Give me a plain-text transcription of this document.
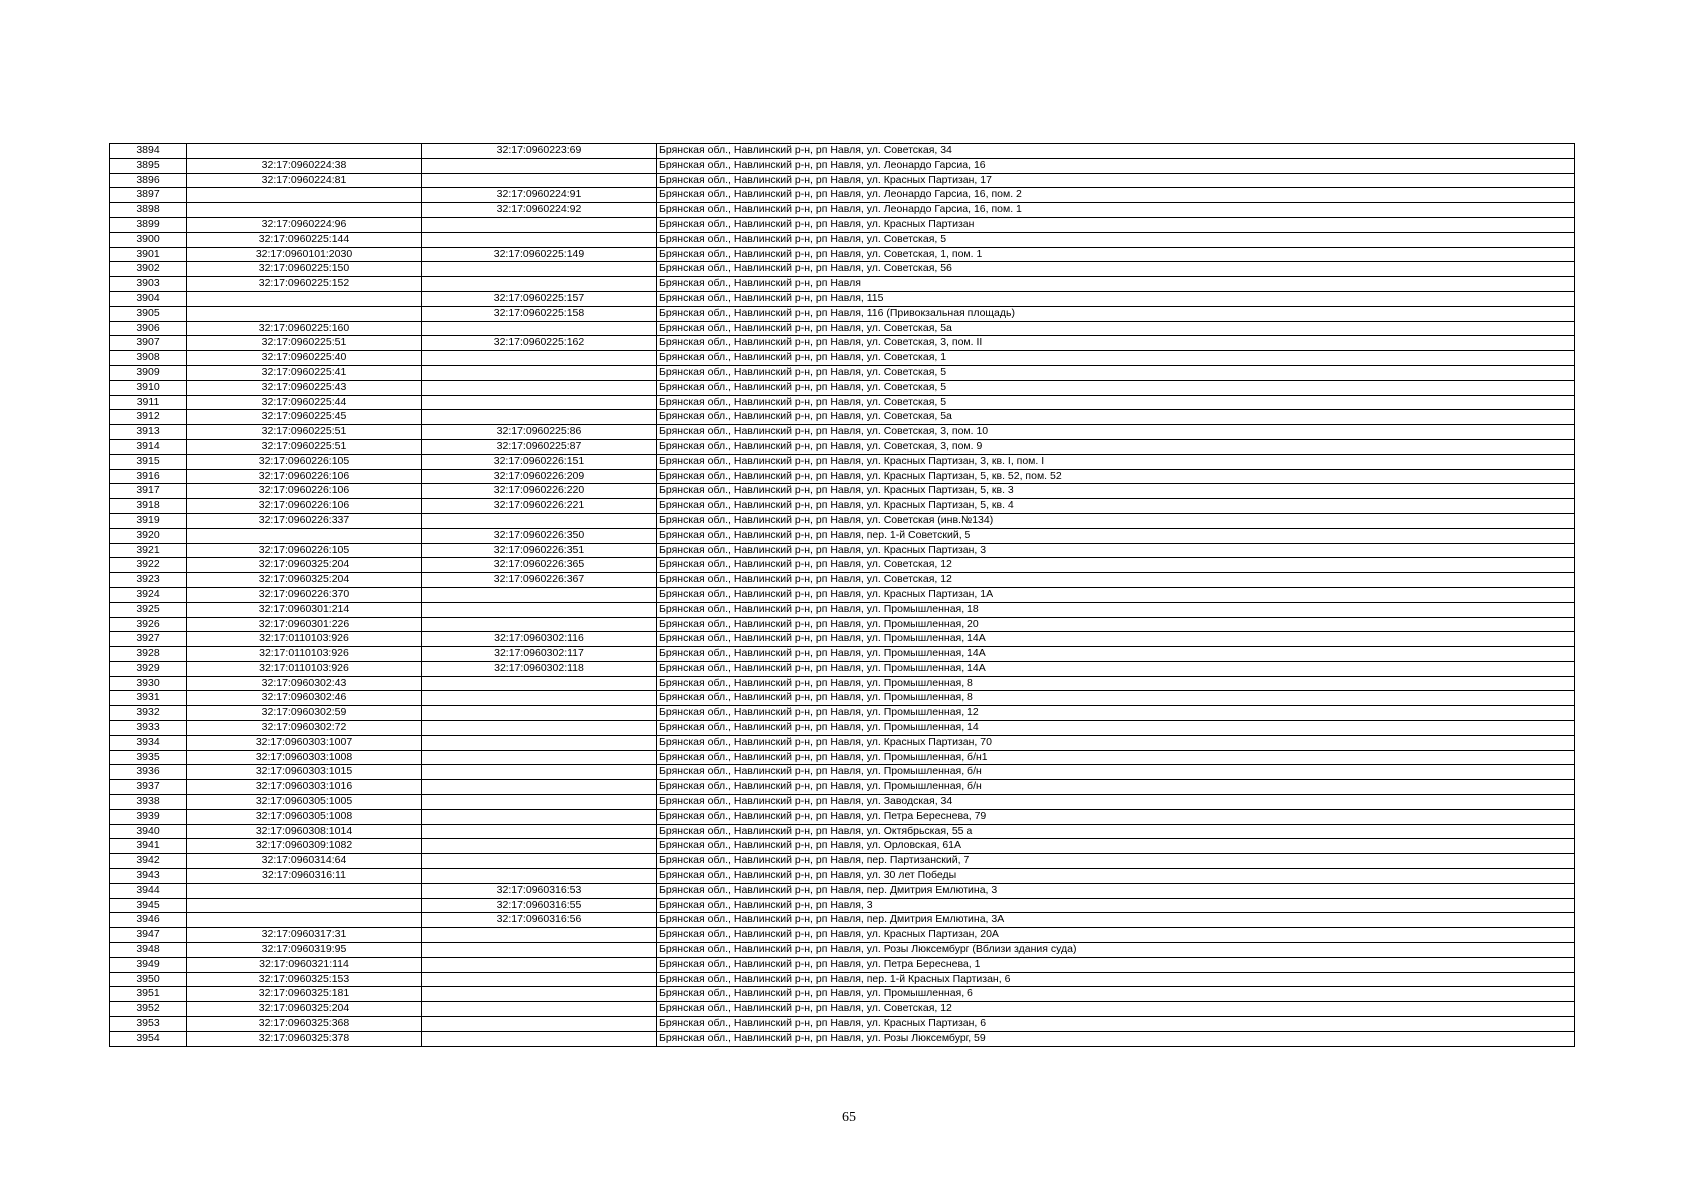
3894		32:17:0960223:69	Брянская обл., Навлинский р-н, рп Навля, ул. Советская, 34
3895	32:17:0960224:38		Брянская обл., Навлинский р-н, рп Навля, ул. Леонардо Гарсиа, 16
3896	32:17:0960224:81		Брянская обл., Навлинский р-н, рп Навля, ул. Красных Партизан, 17
3897		32:17:0960224:91	Брянская обл., Навлинский р-н, рп Навля, ул. Леонардо Гарсиа, 16, пом. 2
3898		32:17:0960224:92	Брянская обл., Навлинский р-н, рп Навля, ул. Леонардо Гарсиа, 16, пом. 1
3899	32:17:0960224:96		Брянская обл., Навлинский р-н, рп Навля, ул. Красных Партизан
3900	32:17:0960225:144		Брянская обл., Навлинский р-н, рп Навля, ул. Советская, 5
3901	32:17:0960101:2030	32:17:0960225:149	Брянская обл., Навлинский р-н, рп Навля, ул. Советская, 1, пом. 1
3902	32:17:0960225:150		Брянская обл., Навлинский р-н, рп Навля, ул. Советская, 56
3903	32:17:0960225:152		Брянская обл., Навлинский р-н, рп Навля
3904		32:17:0960225:157	Брянская обл., Навлинский р-н, рп Навля, 115
3905		32:17:0960225:158	Брянская обл., Навлинский р-н, рп Навля, 116 (Привокзальная площадь)
3906	32:17:0960225:160		Брянская обл., Навлинский р-н, рп Навля, ул. Советская, 5а
3907	32:17:0960225:51	32:17:0960225:162	Брянская обл., Навлинский р-н, рп Навля, ул. Советская, 3, пом. II
3908	32:17:0960225:40		Брянская обл., Навлинский р-н, рп Навля, ул. Советская, 1
3909	32:17:0960225:41		Брянская обл., Навлинский р-н, рп Навля, ул. Советская, 5
3910	32:17:0960225:43		Брянская обл., Навлинский р-н, рп Навля, ул. Советская, 5
3911	32:17:0960225:44		Брянская обл., Навлинский р-н, рп Навля, ул. Советская, 5
3912	32:17:0960225:45		Брянская обл., Навлинский р-н, рп Навля, ул. Советская, 5а
3913	32:17:0960225:51	32:17:0960225:86	Брянская обл., Навлинский р-н, рп Навля, ул. Советская, 3, пом. 10
3914	32:17:0960225:51	32:17:0960225:87	Брянская обл., Навлинский р-н, рп Навля, ул. Советская, 3, пом. 9
3915	32:17:0960226:105	32:17:0960226:151	Брянская обл., Навлинский р-н, рп Навля, ул. Красных Партизан, 3, кв. I, пом. I
3916	32:17:0960226:106	32:17:0960226:209	Брянская обл., Навлинский р-н, рп Навля, ул. Красных Партизан, 5, кв. 52, пом. 52
3917	32:17:0960226:106	32:17:0960226:220	Брянская обл., Навлинский р-н, рп Навля, ул. Красных Партизан, 5, кв. 3
3918	32:17:0960226:106	32:17:0960226:221	Брянская обл., Навлинский р-н, рп Навля, ул. Красных Партизан, 5, кв. 4
3919	32:17:0960226:337		Брянская обл., Навлинский р-н, рп Навля, ул. Советская (инв.№134)
3920		32:17:0960226:350	Брянская обл., Навлинский р-н, рп Навля, пер. 1-й Советский, 5
3921	32:17:0960226:105	32:17:0960226:351	Брянская обл., Навлинский р-н, рп Навля, ул. Красных Партизан, 3
3922	32:17:0960325:204	32:17:0960226:365	Брянская обл., Навлинский р-н, рп Навля, ул. Советская, 12
3923	32:17:0960325:204	32:17:0960226:367	Брянская обл., Навлинский р-н, рп Навля, ул. Советская, 12
3924	32:17:0960226:370		Брянская обл., Навлинский р-н, рп Навля, ул. Красных Партизан, 1А
3925	32:17:0960301:214		Брянская обл., Навлинский р-н, рп Навля, ул. Промышленная, 18
3926	32:17:0960301:226		Брянская обл., Навлинский р-н, рп Навля, ул. Промышленная, 20
3927	32:17:0110103:926	32:17:0960302:116	Брянская обл., Навлинский р-н, рп Навля, ул. Промышленная, 14А
3928	32:17:0110103:926	32:17:0960302:117	Брянская обл., Навлинский р-н, рп Навля, ул. Промышленная, 14А
3929	32:17:0110103:926	32:17:0960302:118	Брянская обл., Навлинский р-н, рп Навля, ул. Промышленная, 14А
3930	32:17:0960302:43		Брянская обл., Навлинский р-н, рп Навля, ул. Промышленная, 8
3931	32:17:0960302:46		Брянская обл., Навлинский р-н, рп Навля, ул. Промышленная, 8
3932	32:17:0960302:59		Брянская обл., Навлинский р-н, рп Навля, ул. Промышленная, 12
3933	32:17:0960302:72		Брянская обл., Навлинский р-н, рп Навля, ул. Промышленная, 14
3934	32:17:0960303:1007		Брянская обл., Навлинский р-н, рп Навля, ул. Красных Партизан, 70
3935	32:17:0960303:1008		Брянская обл., Навлинский р-н, рп Навля, ул. Промышленная, б/н1
3936	32:17:0960303:1015		Брянская обл., Навлинский р-н, рп Навля, ул. Промышленная, б/н
3937	32:17:0960303:1016		Брянская обл., Навлинский р-н, рп Навля, ул. Промышленная, б/н
3938	32:17:0960305:1005		Брянская обл., Навлинский р-н, рп Навля, ул. Заводская, 34
3939	32:17:0960305:1008		Брянская обл., Навлинский р-н, рп Навля, ул. Петра Береснева, 79
3940	32:17:0960308:1014		Брянская обл., Навлинский р-н, рп Навля, ул. Октябрьская, 55 а
3941	32:17:0960309:1082		Брянская обл., Навлинский р-н, рп Навля, ул. Орловская, 61А
3942	32:17:0960314:64		Брянская обл., Навлинский р-н, рп Навля, пер. Партизанский, 7
3943	32:17:0960316:11		Брянская обл., Навлинский р-н, рп Навля, ул. 30 лет Победы
3944		32:17:0960316:53	Брянская обл., Навлинский р-н, рп Навля, пер. Дмитрия Емлютина, 3
3945		32:17:0960316:55	Брянская обл., Навлинский р-н, рп Навля, 3
3946		32:17:0960316:56	Брянская обл., Навлинский р-н, рп Навля, пер. Дмитрия Емлютина, 3А
3947	32:17:0960317:31		Брянская обл., Навлинский р-н, рп Навля, ул. Красных Партизан, 20А
3948	32:17:0960319:95		Брянская обл., Навлинский р-н, рп Навля, ул. Розы Люксембург (Вблизи здания суда)
3949	32:17:0960321:114		Брянская обл., Навлинский р-н, рп Навля, ул. Петра Береснева, 1
3950	32:17:0960325:153		Брянская обл., Навлинский р-н, рп Навля, пер. 1-й Красных Партизан, 6
3951	32:17:0960325:181		Брянская обл., Навлинский р-н, рп Навля, ул. Промышленная, 6
3952	32:17:0960325:204		Брянская обл., Навлинский р-н, рп Навля, ул. Советская, 12
3953	32:17:0960325:368		Брянская обл., Навлинский р-н, рп Навля, ул. Красных Партизан, 6
3954	32:17:0960325:378		Брянская обл., Навлинский р-н, рп Навля, ул. Розы Люксембург, 59
65
